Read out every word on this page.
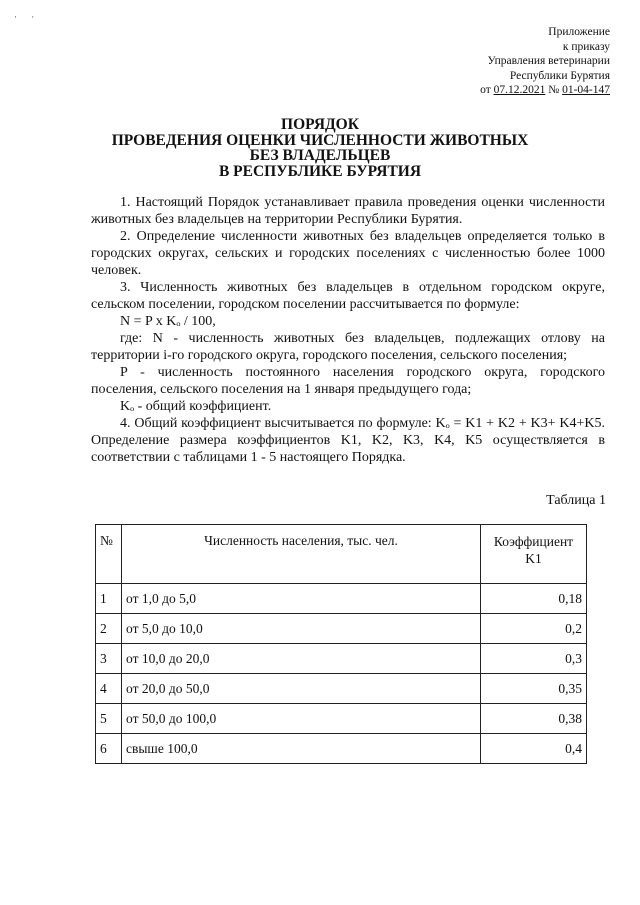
· ·
Приложение
к приказу
Управления ветеринарии
Республики Бурятия
от 07.12.2021 № 01-04-147
ПОРЯДОК
ПРОВЕДЕНИЯ ОЦЕНКИ ЧИСЛЕННОСТИ ЖИВОТНЫХ
БЕЗ ВЛАДЕЛЬЦЕВ
В РЕСПУБЛИКЕ БУРЯТИЯ

1. Настоящий Порядок устанавливает правила проведения оценки численности животных без владельцев на территории Республики Бурятия.

2. Определение численности животных без владельцев определяется только в городских округах, сельских и городских поселениях с численностью более 1000 человек.

3. Численность животных без владельцев в отдельном городском округе, сельском поселении, городском поселении рассчитывается по формуле:

N = P x Kₒ / 100,

где: N - численность животных без владельцев, подлежащих отлову на территории i-го городского округа, городского поселения, сельского поселения;

P - численность постоянного населения городского округа, городского поселения, сельского поселения на 1 января предыдущего года;

Kₒ - общий коэффициент.

4. Общий коэффициент высчитывается по формуле: Kₒ = K1 + K2 + K3+ K4+K5. Определение размера коэффициентов K1, K2, K3, K4, K5 осуществляется в соответствии с таблицами 1 - 5 настоящего Порядка.

Таблица 1
№	Численность населения, тыс. чел.	Коэффициент
K1

1	от 1,0 до 5,0	0,18
2	от 5,0 до 10,0	0,2
3	от 10,0 до 20,0	0,3
4	от 20,0 до 50,0	0,35
5	от 50,0 до 100,0	0,38
6	свыше 100,0	0,4
